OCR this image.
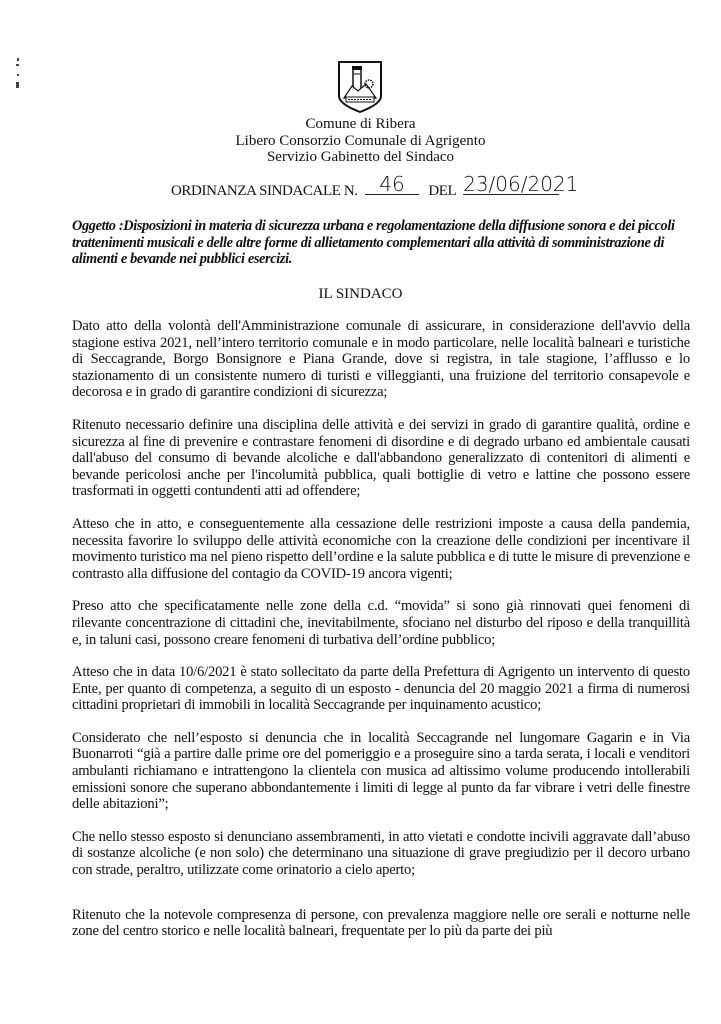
Comune di Ribera
Libero Consorzio Comunale di Agrigento
Servizio Gabinetto del Sindaco
ORDINANZA SINDACALE N. 46 DEL 23/06/2021
Oggetto :Disposizioni in materia di sicurezza urbana e regolamentazione della diffusione sonora e dei piccoli trattenimenti musicali e delle altre forme di allietamento complementari alla attività di somministrazione di alimenti e bevande nei pubblici esercizi.
IL SINDACO

Dato atto della volontà dell'Amministrazione comunale di assicurare, in considerazione dell'avvio della stagione estiva 2021, nell’intero territorio comunale e in modo particolare, nelle località balneari e turistiche di Seccagrande, Borgo Bonsignore e Piana Grande, dove si registra, in tale stagione, l’afflusso e lo stazionamento di un consistente numero di turisti e villeggianti, una fruizione del territorio consapevole e decorosa e in grado di garantire condizioni di sicurezza;

Ritenuto necessario definire una disciplina delle attività e dei servizi in grado di garantire qualità, ordine e sicurezza al fine di prevenire e contrastare fenomeni di disordine e di degrado urbano ed ambientale causati dall'abuso del consumo di bevande alcoliche e dall'abbandono generalizzato di contenitori di alimenti e bevande pericolosi anche per l'incolumità pubblica, quali bottiglie di vetro e lattine che possono essere trasformati in oggetti contundenti atti ad offendere;

Atteso che in atto, e conseguentemente alla cessazione delle restrizioni imposte a causa della pandemia, necessita favorire lo sviluppo delle attività economiche con la creazione delle condizioni per incentivare il movimento turistico ma nel pieno rispetto dell’ordine e la salute pubblica e di tutte le misure di prevenzione e contrasto alla diffusione del contagio da COVID-19 ancora vigenti;

Preso atto che specificatamente nelle zone della c.d. “movida” si sono già rinnovati quei fenomeni di rilevante concentrazione di cittadini che, inevitabilmente, sfociano nel disturbo del riposo e della tranquillità e, in taluni casi, possono creare fenomeni di turbativa dell’ordine pubblico;

Atteso che in data 10/6/2021 è stato sollecitato da parte della Prefettura di Agrigento un intervento di questo Ente, per quanto di competenza, a seguito di un esposto - denuncia del 20 maggio 2021 a firma di numerosi cittadini proprietari di immobili in località Seccagrande per inquinamento acustico;

Considerato che nell’esposto si denuncia che in località Seccagrande nel lungomare Gagarin e in Via Buonarroti “già a partire dalle prime ore del pomeriggio e a proseguire sino a tarda serata, i locali e venditori ambulanti richiamano e intrattengono la clientela con musica ad altissimo volume producendo intollerabili emissioni sonore che superano abbondantemente i limiti di legge al punto da far vibrare i vetri delle finestre delle abitazioni”;

Che nello stesso esposto si denunciano assembramenti, in atto vietati e condotte incivili aggravate dall’abuso di sostanze alcoliche (e non solo) che determinano una situazione di grave pregiudizio per il decoro urbano con strade, peraltro, utilizzate come orinatorio a cielo aperto;

Ritenuto che la notevole compresenza di persone, con prevalenza maggiore nelle ore serali e notturne nelle zone del centro storico e nelle località balneari, frequentate per lo più da parte dei più
